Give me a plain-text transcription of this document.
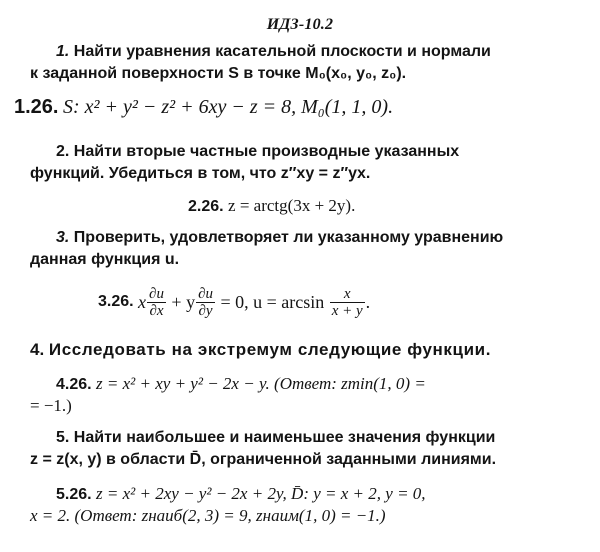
ИДЗ-10.2
1. Найти уравнения касательной плоскости и нормали
к заданной поверхности S в точке M₀(x₀, y₀, z₀).
1.26. S: x² + y² − z² + 6xy − z = 8, M₀(1, 1, 0).
2. Найти вторые частные производные указанных
функций. Убедиться в том, что z″xy = z″yx.
2.26. z = arctg(3x + 2y).
3. Проверить, удовлетворяет ли указанному уравнению
данная функция u.
3.26. x $\frac{\partial u}{\partial x} + y \frac{\partial u}{\partial y} = 0$, $u = \arcsin \frac{x}{x + y}$ .
4. Исследовать на экстремум следующие функции.
4.26. z = x² + xy + y² − 2x − y. (Ответ: zmin(1, 0) =
= −1.)
5. Найти наибольшее и наименьшее значения функции
z = z(x, y) в области D̄, ограниченной заданными линиями.
5.26. z = x² + 2xy − y² − 2x + 2y, D̄: y = x + 2, y = 0,
x = 2. (Ответ: zнаиб(2, 3) = 9, zнаим(1, 0) = −1.)
